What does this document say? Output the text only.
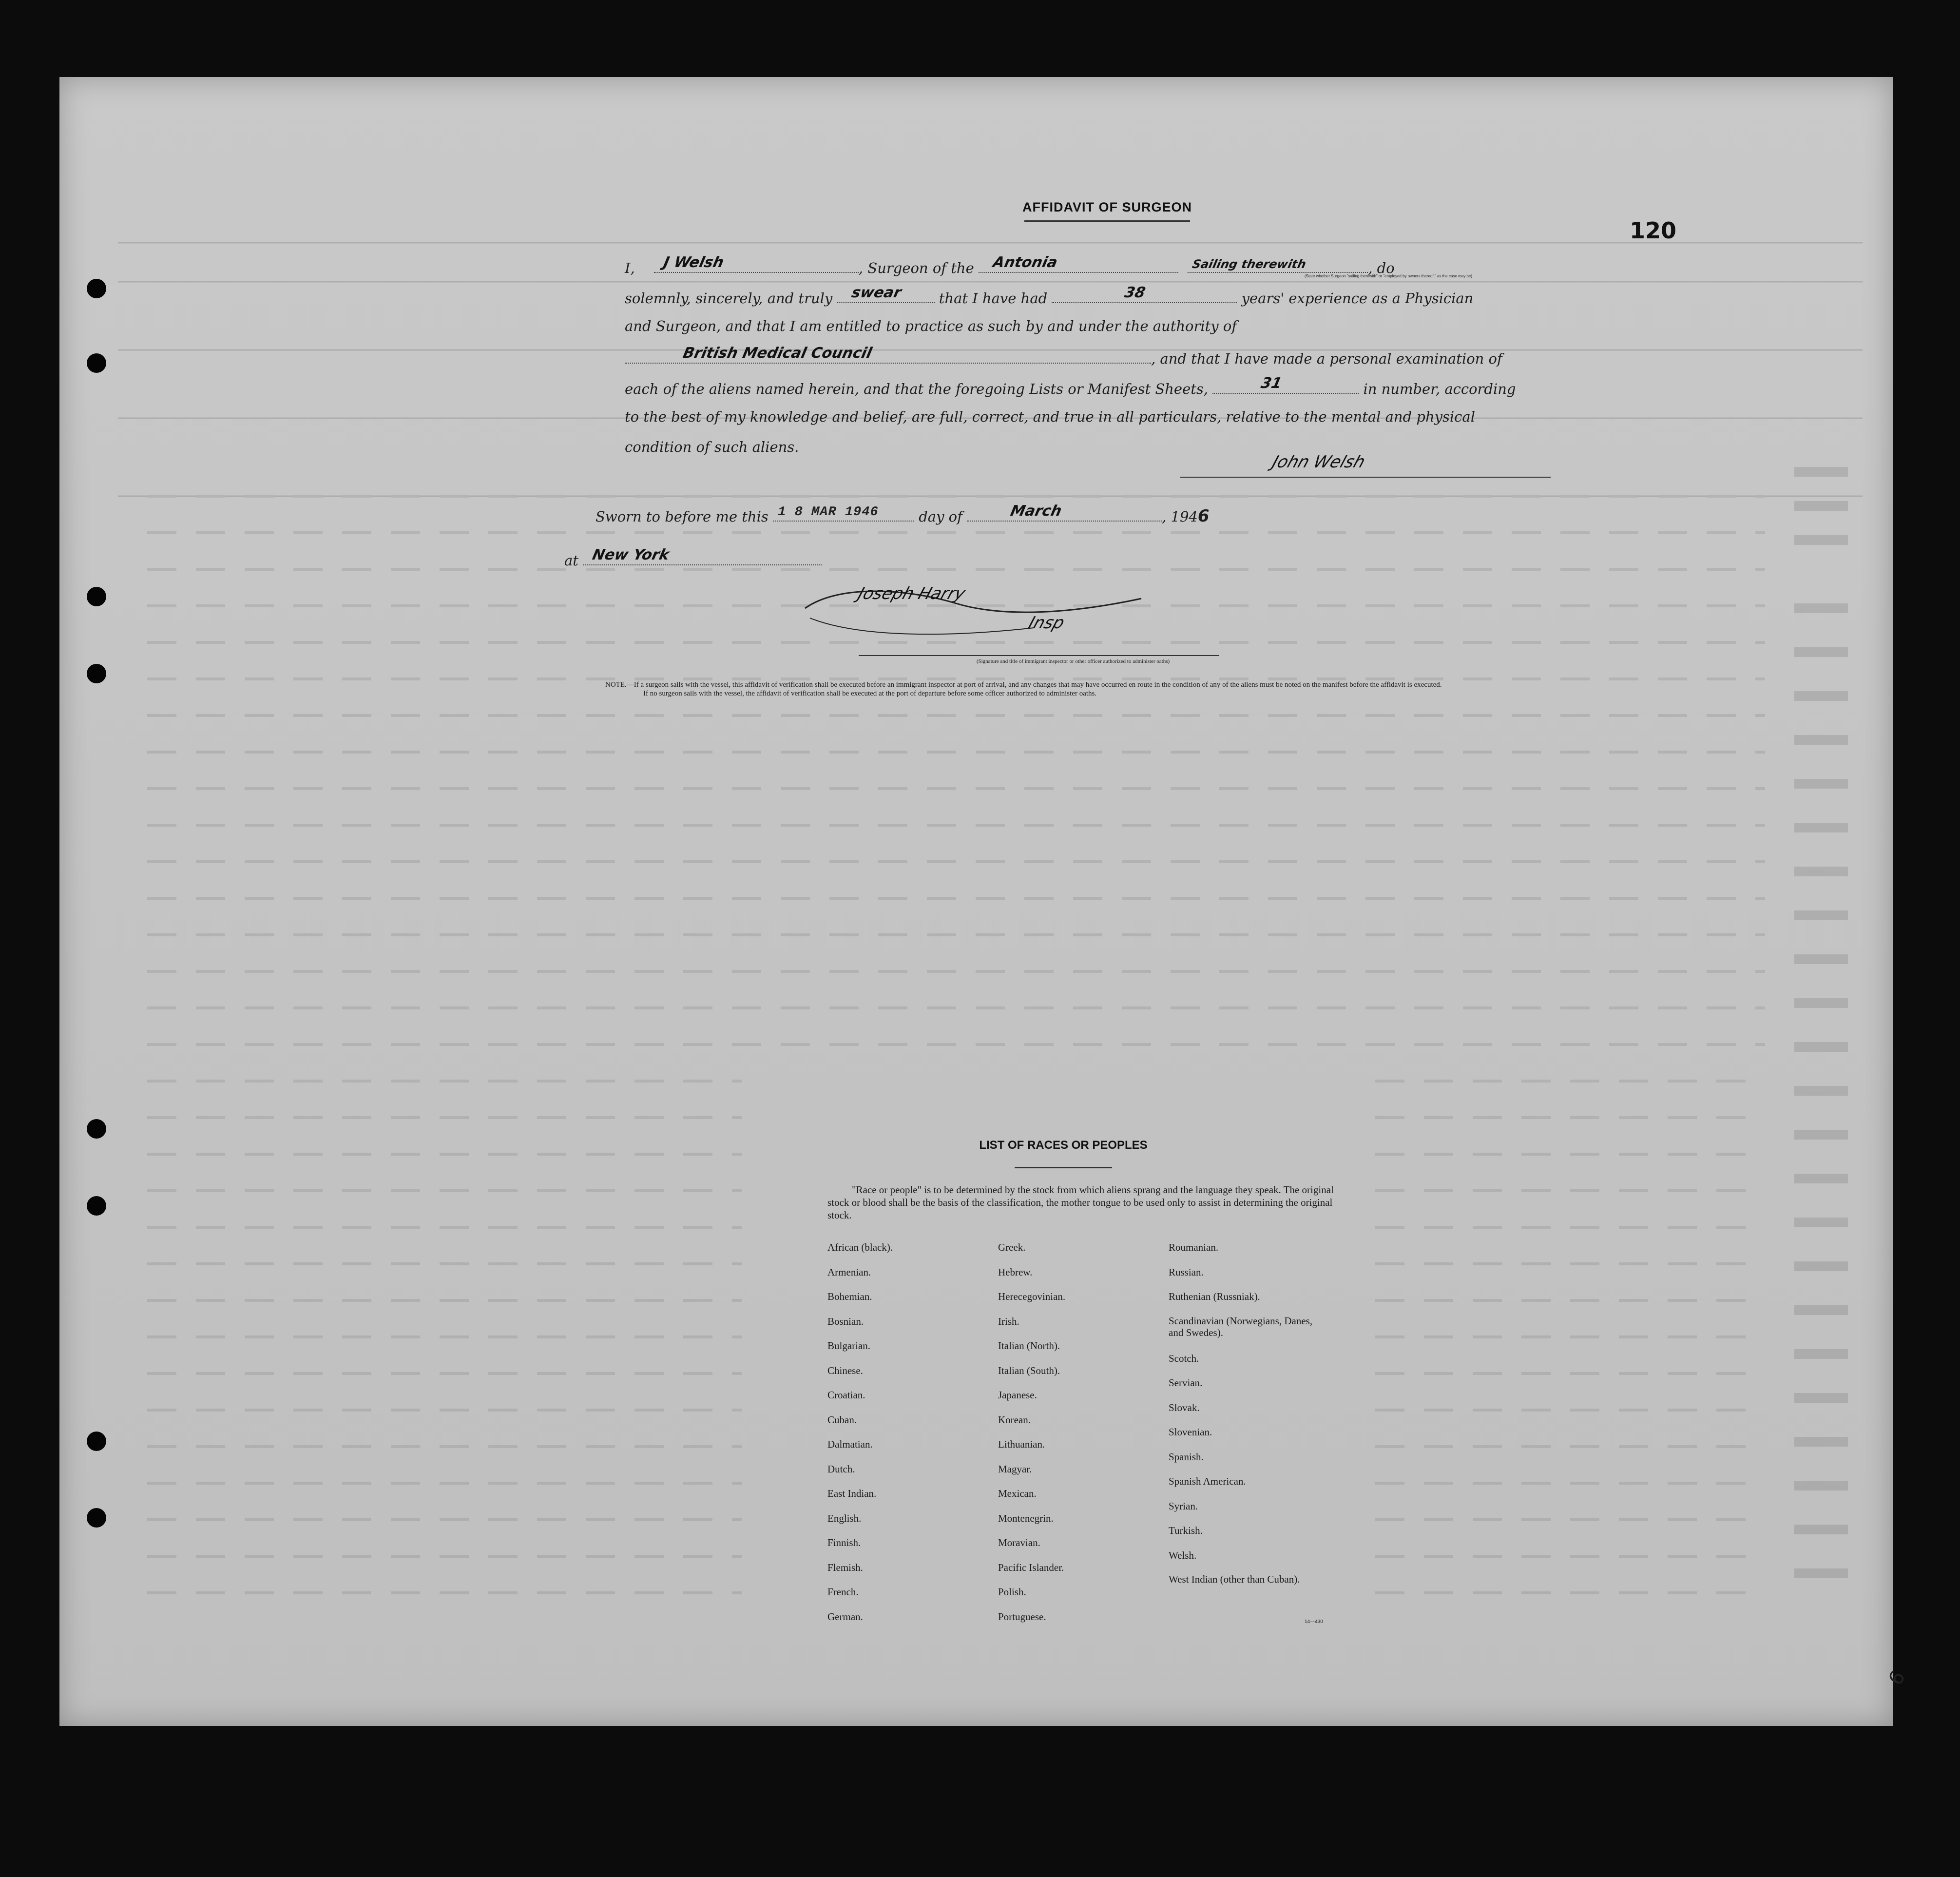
120
AFFIDAVIT OF SURGEON
I, J Welsh	, Surgeon of the Antonia
	Sailing therewith	, do
(State whether Surgeon "sailing therewith" or "employed by owners thereof," as the case may be)
solemnly, sincerely, and truly swear	that I have had	38	years' experience as a Physician
and Surgeon, and that I am entitled to practice as such by and under the authority of
British Medical Council	, and that I have made a personal examination of
each of the aliens named herein, and that the foregoing Lists or Manifest Sheets,	31	in number, according
to the best of my knowledge and belief, are full, correct, and true in all particulars, relative to the mental and physical
condition of such aliens.
John Welsh
Sworn to before me this 1 8 MAR 1946	day of	March	, 1946
at New York
Joseph Harry
Insp
(Signature and title of immigrant inspector or other officer authorized to administer oaths)
NOTE.—If a surgeon sails with the vessel, this affidavit of verification shall be executed before an immigrant inspector at port of arrival, and any changes that may have occurred en route in the condition of any of the aliens must be noted on the manifest before the affidavit is executed.
If no surgeon sails with the vessel, the affidavit of verification shall be executed at the port of departure before some officer authorized to administer oaths.
LIST OF RACES OR PEOPLES
"Race or people" is to be determined by the stock from which aliens sprang and the language they speak. The original stock or blood shall be the basis of the classification, the mother tongue to be used only to assist in determining the original stock.
African (black).
Armenian.
Bohemian.
Bosnian.
Bulgarian.
Chinese.
Croatian.
Cuban.
Dalmatian.
Dutch.
East Indian.
English.
Finnish.
Flemish.
French.
German.
Greek.
Hebrew.
Herecegovinian.
Irish.
Italian (North).
Italian (South).
Japanese.
Korean.
Lithuanian.
Magyar.
Mexican.
Montenegrin.
Moravian.
Pacific Islander.
Polish.
Portuguese.
Roumanian.
Russian.
Ruthenian (Russniak).
Scandinavian (Norwegians, Danes, and Swedes).
Scotch.
Servian.
Slovak.
Slovenian.
Spanish.
Spanish American.
Syrian.
Turkish.
Welsh.
West Indian (other than Cuban).
14—430
6
